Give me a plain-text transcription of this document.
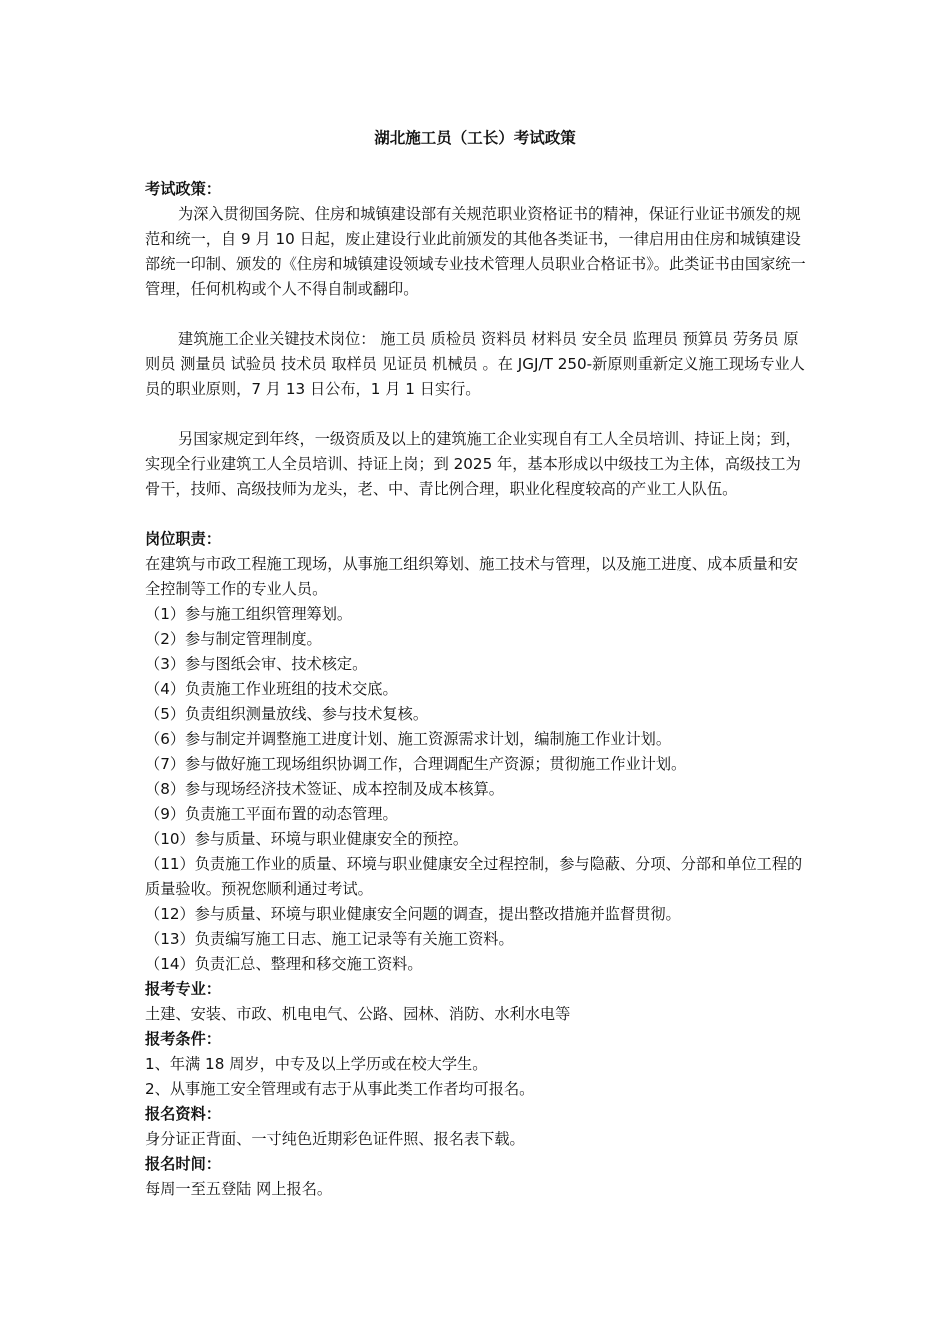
湖北施工员（工长）考试政策

考试政策：

为深入贯彻国务院、住房和城镇建设部有关规范职业资格证书的精神，保证行业证书颁发的规范和统一，自 9 月 10 日起，废止建设行业此前颁发的其他各类证书，一律启用由住房和城镇建设部统一印制、颁发的《住房和城镇建设领域专业技术管理人员职业合格证书》。此类证书由国家统一管理，任何机构或个人不得自制或翻印。

建筑施工企业关键技术岗位： 施工员 质检员 资料员 材料员 安全员 监理员 预算员 劳务员 原则员 测量员 试验员 技术员 取样员 见证员 机械员 。在 JGJ/T 250-新原则重新定义施工现场专业人员的职业原则，7 月 13 日公布，1 月 1 日实行。

另国家规定到年终，一级资质及以上的建筑施工企业实现自有工人全员培训、持证上岗；到，实现全行业建筑工人全员培训、持证上岗；到 2025 年，基本形成以中级技工为主体，高级技工为骨干，技师、高级技师为龙头，老、中、青比例合理，职业化程度较高的产业工人队伍。

岗位职责：

在建筑与市政工程施工现场，从事施工组织筹划、施工技术与管理，以及施工进度、成本质量和安全控制等工作的专业人员。

（1）参与施工组织管理筹划。
（2）参与制定管理制度。
（3）参与图纸会审、技术核定。
（4）负责施工作业班组的技术交底。
（5）负责组织测量放线、参与技术复核。
（6）参与制定并调整施工进度计划、施工资源需求计划，编制施工作业计划。
（7）参与做好施工现场组织协调工作，合理调配生产资源；贯彻施工作业计划。
（8）参与现场经济技术签证、成本控制及成本核算。
（9）负责施工平面布置的动态管理。
（10）参与质量、环境与职业健康安全的预控。
（11）负责施工作业的质量、环境与职业健康安全过程控制，参与隐蔽、分项、分部和单位工程的质量验收。预祝您顺利通过考试。
（12）参与质量、环境与职业健康安全问题的调查，提出整改措施并监督贯彻。
（13）负责编写施工日志、施工记录等有关施工资料。
（14）负责汇总、整理和移交施工资料。

报考专业：

土建、安装、市政、机电电气、公路、园林、消防、水利水电等

报考条件：

1、年满 18 周岁，中专及以上学历或在校大学生。

2、从事施工安全管理或有志于从事此类工作者均可报名。

报名资料：

身分证正背面、一寸纯色近期彩色证件照、报名表下载。

报名时间：

每周一至五登陆 网上报名。
